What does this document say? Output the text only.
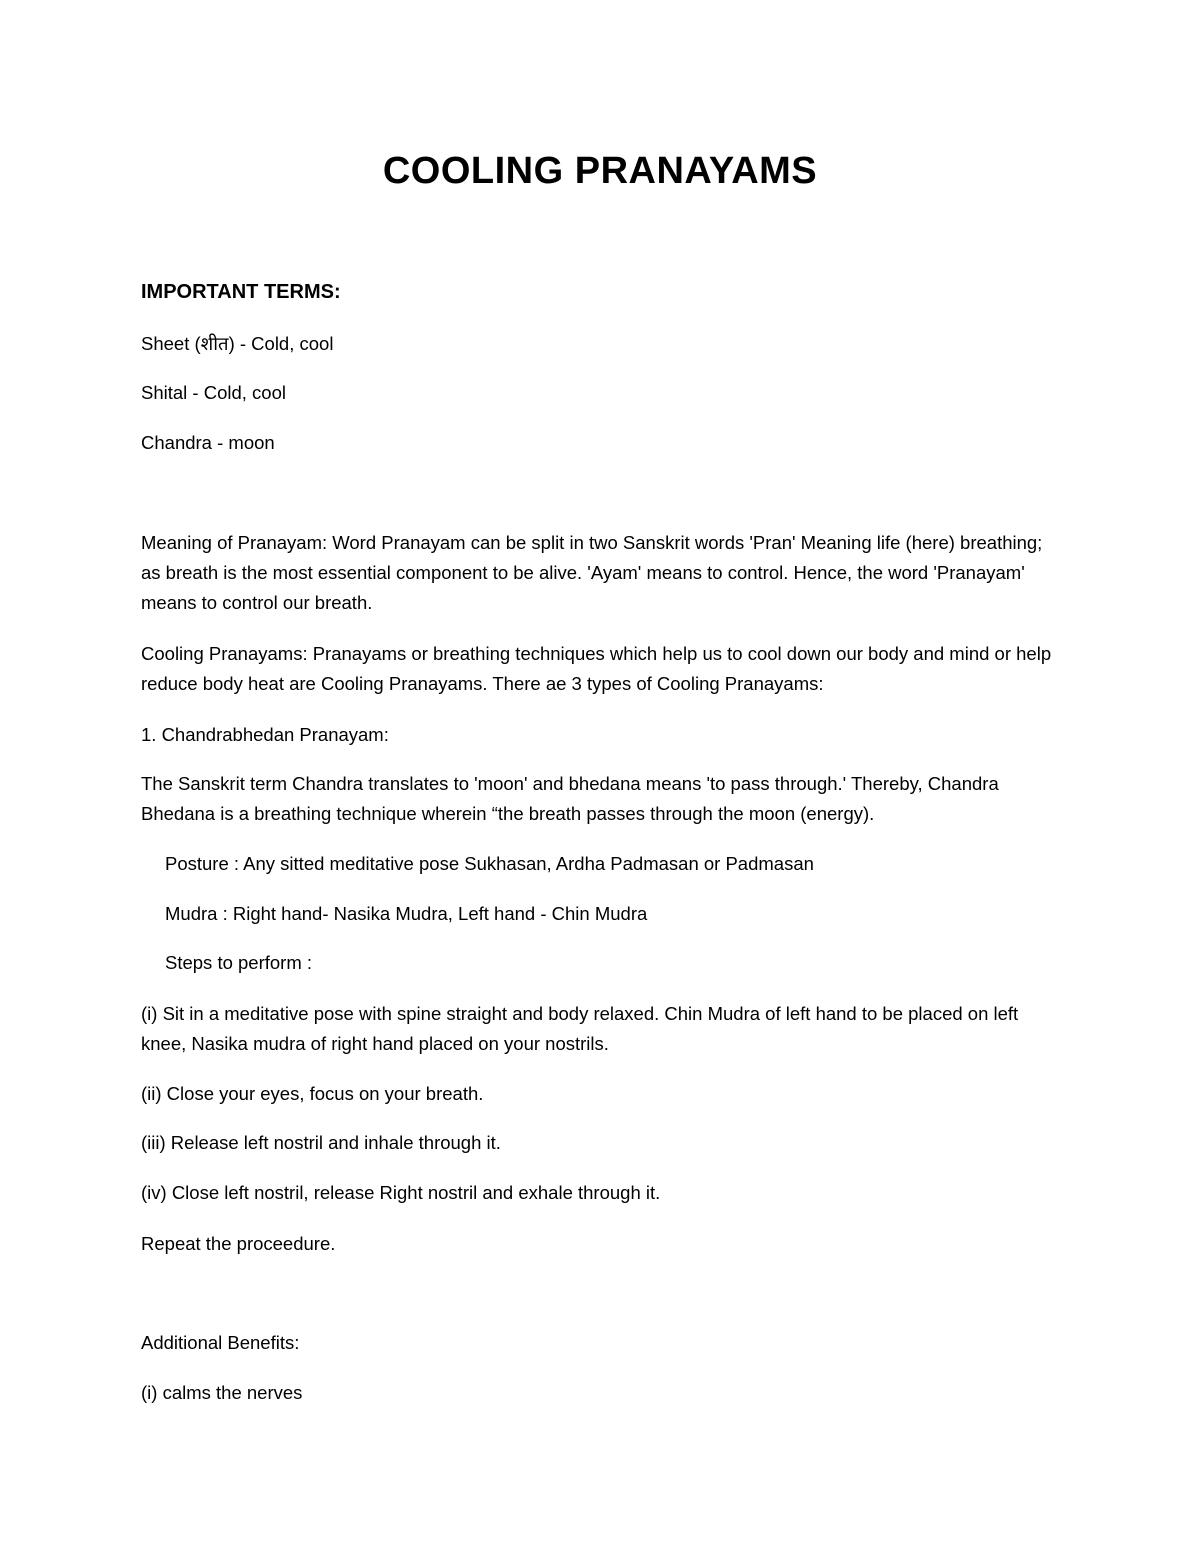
COOLING PRANAYAMS

IMPORTANT TERMS:

Sheet (शीत) - Cold, cool

Shital - Cold, cool

Chandra - moon

Meaning of Pranayam: Word Pranayam can be split in two Sanskrit words 'Pran' Meaning life (here) breathing; as breath is the most essential component to be alive. 'Ayam' means to control. Hence, the word 'Pranayam' means to control our breath.

Cooling Pranayams: Pranayams or breathing techniques which help us to cool down our body and mind or help reduce body heat are Cooling Pranayams. There ae 3 types of Cooling Pranayams:

1. Chandrabhedan Pranayam:

The Sanskrit term Chandra translates to 'moon' and bhedana means 'to pass through.' Thereby, Chandra Bhedana is a breathing technique wherein “the breath passes through the moon (energy).

Posture : Any sitted meditative pose Sukhasan, Ardha Padmasan or Padmasan

Mudra : Right hand- Nasika Mudra, Left hand - Chin Mudra

Steps to perform :

(i) Sit in a meditative pose with spine straight and body relaxed. Chin Mudra of left hand to be placed on left knee, Nasika mudra of right hand placed on your nostrils.

(ii) Close your eyes, focus on your breath.

(iii) Release left nostril and inhale through it.

(iv) Close left nostril, release Right nostril and exhale through it.

Repeat the proceedure.

Additional Benefits:

(i) calms the nerves
